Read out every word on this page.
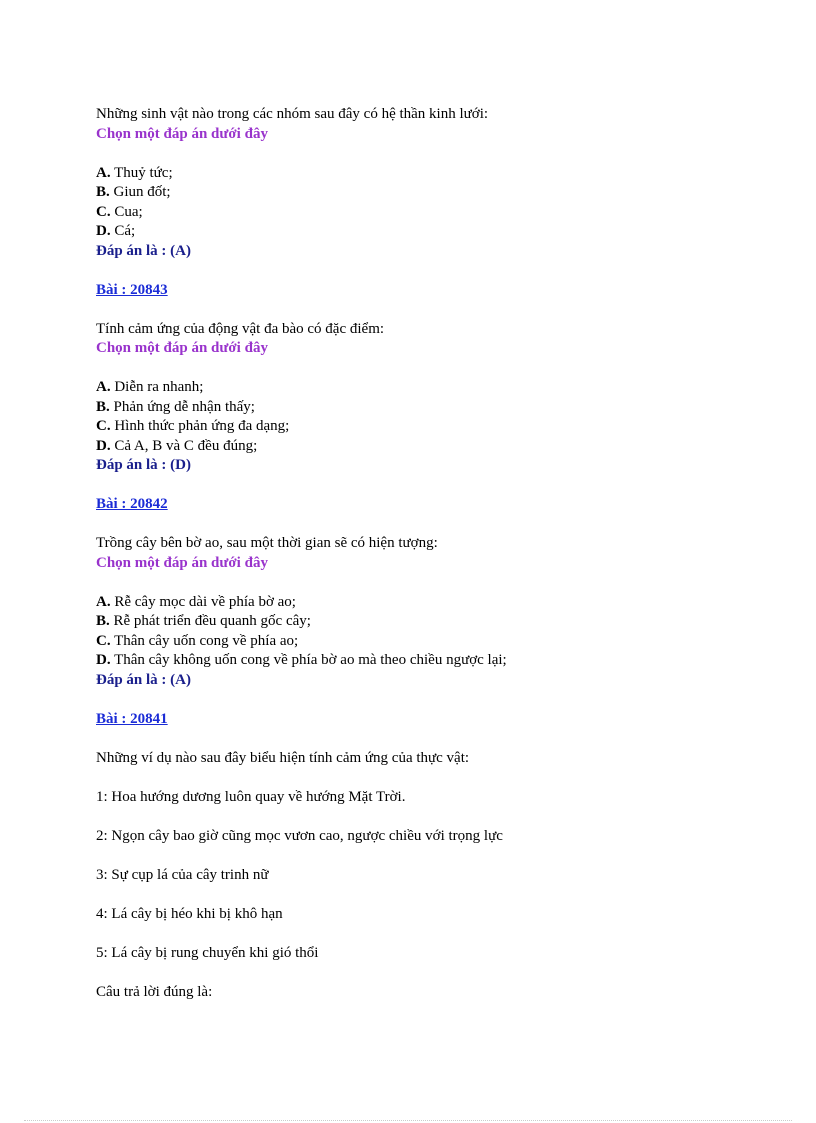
Những sinh vật nào trong các nhóm sau đây có hệ thần kinh lưới:
Chọn một đáp án dưới đây
A. Thuỷ tức;
B. Giun đốt;
C. Cua;
D. Cá;
Đáp án là : (A)
Bài : 20843
Tính cảm ứng của động vật đa bào có đặc điểm:
Chọn một đáp án dưới đây
A. Diễn ra nhanh;
B. Phản ứng dễ nhận thấy;
C. Hình thức phản ứng đa dạng;
D. Cả A, B và C đều đúng;
Đáp án là : (D)
Bài : 20842
Trồng cây bên bờ ao, sau một thời gian sẽ có hiện tượng:
Chọn một đáp án dưới đây
A. Rễ cây mọc dài về phía bờ ao;
B. Rễ phát triển đều quanh gốc cây;
C. Thân cây uốn cong về phía ao;
D. Thân cây không uốn cong về phía bờ ao mà theo chiều ngược lại;
Đáp án là : (A)
Bài : 20841
Những ví dụ nào sau đây biểu hiện tính cảm ứng của thực vật:
1: Hoa hướng dương luôn quay về hướng Mặt Trời.
2: Ngọn cây bao giờ cũng mọc vươn cao, ngược chiều với trọng lực
3: Sự cụp lá của cây trinh nữ
4: Lá cây bị héo khi bị khô hạn
5: Lá cây bị rung chuyển khi gió thổi
Câu trả lời đúng là:
